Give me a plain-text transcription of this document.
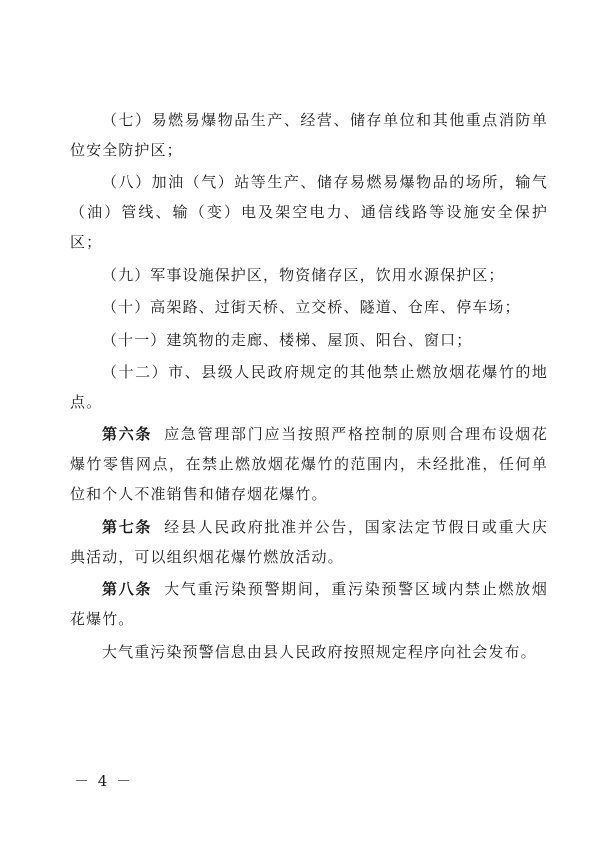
（七）易燃易爆物品生产、经营、储存单位和其他重点消防单位安全防护区；

（八）加油（气）站等生产、储存易燃易爆物品的场所，输气（油）管线、输（变）电及架空电力、通信线路等设施安全保护区；

（九）军事设施保护区，物资储存区，饮用水源保护区；

（十）高架路、过街天桥、立交桥、隧道、仓库、停车场；

（十一）建筑物的走廊、楼梯、屋顶、阳台、窗口；

（十二）市、县级人民政府规定的其他禁止燃放烟花爆竹的地点。

第六条 应急管理部门应当按照严格控制的原则合理布设烟花爆竹零售网点，在禁止燃放烟花爆竹的范围内，未经批准，任何单位和个人不准销售和储存烟花爆竹。

第七条 经县人民政府批准并公告，国家法定节假日或重大庆典活动，可以组织烟花爆竹燃放活动。

第八条 大气重污染预警期间，重污染预警区域内禁止燃放烟花爆竹。

大气重污染预警信息由县人民政府按照规定程序向社会发布。

－ 4 －
